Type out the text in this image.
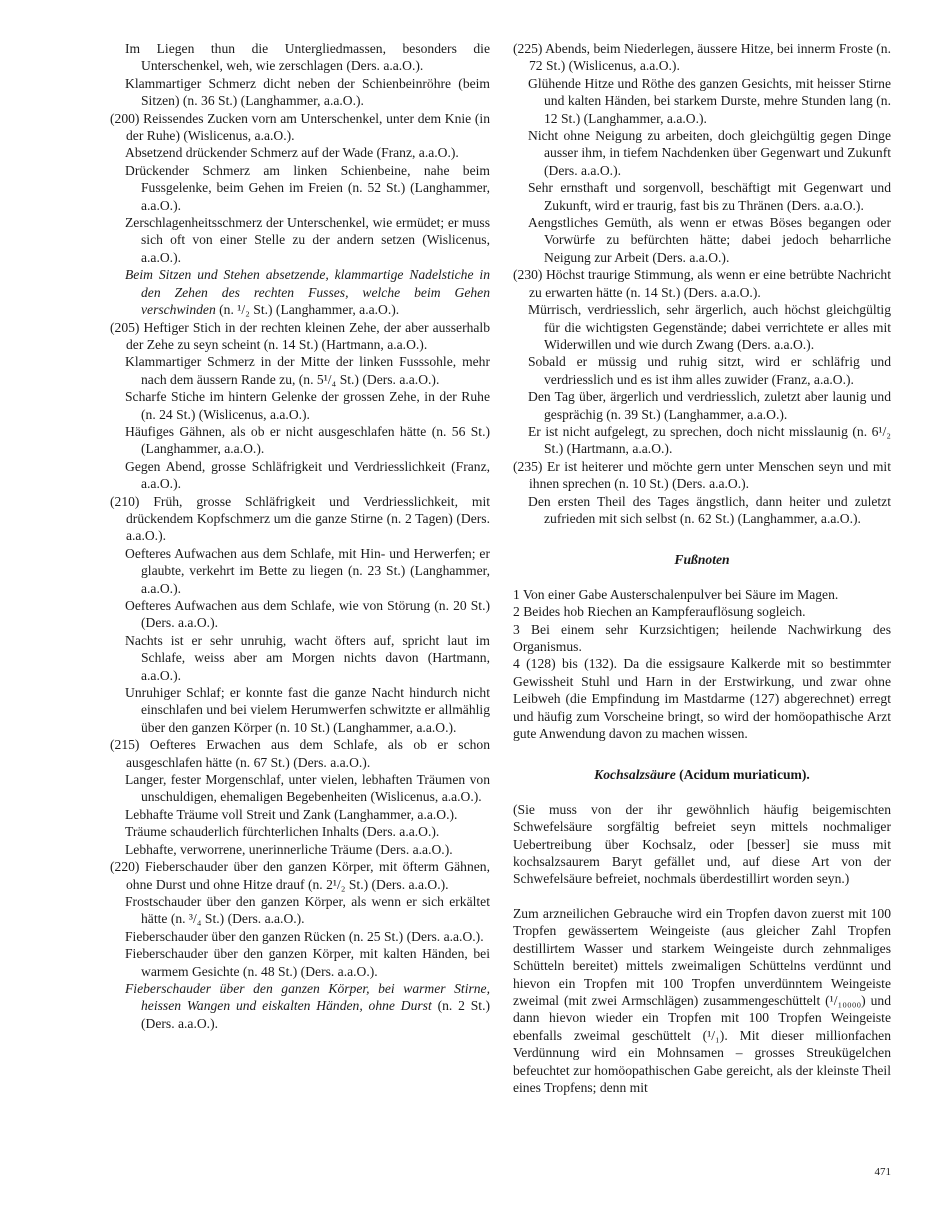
Im Liegen thun die Untergliedmassen, besonders die Unterschenkel, weh, wie zerschlagen (Ders. a.a.O.).

Klammartiger Schmerz dicht neben der Schienbeinröhre (beim Sitzen) (n. 36 St.) (Langhammer, a.a.O.).

(200) Reissendes Zucken vorn am Unterschenkel, unter dem Knie (in der Ruhe) (Wislicenus, a.a.O.).

Absetzend drückender Schmerz auf der Wade (Franz, a.a.O.).

Drückender Schmerz am linken Schienbeine, nahe beim Fussgelenke, beim Gehen im Freien (n. 52 St.) (Langhammer, a.a.O.).

Zerschlagenheitsschmerz der Unterschenkel, wie ermüdet; er muss sich oft von einer Stelle zu der andern setzen (Wislicenus, a.a.O.).

Beim Sitzen und Stehen absetzende, klammartige Nadelstiche in den Zehen des rechten Fusses, welche beim Gehen verschwinden (n. ¹/₂ St.) (Langhammer, a.a.O.).

(205) Heftiger Stich in der rechten kleinen Zehe, der aber ausserhalb der Zehe zu seyn scheint (n. 14 St.) (Hartmann, a.a.O.).

Klammartiger Schmerz in der Mitte der linken Fusssohle, mehr nach dem äussern Rande zu, (n. 5¹/₄ St.) (Ders. a.a.O.).

Scharfe Stiche im hintern Gelenke der grossen Zehe, in der Ruhe (n. 24 St.) (Wislicenus, a.a.O.).

Häufiges Gähnen, als ob er nicht ausgeschlafen hätte (n. 56 St.) (Langhammer, a.a.O.).

Gegen Abend, grosse Schläfrigkeit und Verdriesslichkeit (Franz, a.a.O.).

(210) Früh, grosse Schläfrigkeit und Verdriesslichkeit, mit drückendem Kopfschmerz um die ganze Stirne (n. 2 Tagen) (Ders. a.a.O.).

Oefteres Aufwachen aus dem Schlafe, mit Hin- und Herwerfen; er glaubte, verkehrt im Bette zu liegen (n. 23 St.) (Langhammer, a.a.O.).

Oefteres Aufwachen aus dem Schlafe, wie von Störung (n. 20 St.) (Ders. a.a.O.).

Nachts ist er sehr unruhig, wacht öfters auf, spricht laut im Schlafe, weiss aber am Morgen nichts davon (Hartmann, a.a.O.).

Unruhiger Schlaf; er konnte fast die ganze Nacht hindurch nicht einschlafen und bei vielem Herumwerfen schwitzte er allmählig über den ganzen Körper (n. 10 St.) (Langhammer, a.a.O.).

(215) Oefteres Erwachen aus dem Schlafe, als ob er schon ausgeschlafen hätte (n. 67 St.) (Ders. a.a.O.).

Langer, fester Morgenschlaf, unter vielen, lebhaften Träumen von unschuldigen, ehemaligen Begebenheiten (Wislicenus, a.a.O.).

Lebhafte Träume voll Streit und Zank (Langhammer, a.a.O.).

Träume schauderlich fürchterlichen Inhalts (Ders. a.a.O.).

Lebhafte, verworrene, unerinnerliche Träume (Ders. a.a.O.).

(220) Fieberschauder über den ganzen Körper, mit öfterm Gähnen, ohne Durst und ohne Hitze drauf (n. 2¹/₂ St.) (Ders. a.a.O.).

Frostschauder über den ganzen Körper, als wenn er sich erkältet hätte (n. ³/₄ St.) (Ders. a.a.O.).

Fieberschauder über den ganzen Rücken (n. 25 St.) (Ders. a.a.O.).

Fieberschauder über den ganzen Körper, mit kalten Händen, bei warmem Gesichte (n. 48 St.) (Ders. a.a.O.).

Fieberschauder über den ganzen Körper, bei warmer Stirne, heissen Wangen und eiskalten Händen, ohne Durst (n. 2 St.) (Ders. a.a.O.).

(225) Abends, beim Niederlegen, äussere Hitze, bei innerm Froste (n. 72 St.) (Wislicenus, a.a.O.).

Glühende Hitze und Röthe des ganzen Gesichts, mit heisser Stirne und kalten Händen, bei starkem Durste, mehre Stunden lang (n. 12 St.) (Langhammer, a.a.O.).

Nicht ohne Neigung zu arbeiten, doch gleichgültig gegen Dinge ausser ihm, in tiefem Nachdenken über Gegenwart und Zukunft (Ders. a.a.O.).

Sehr ernsthaft und sorgenvoll, beschäftigt mit Gegenwart und Zukunft, wird er traurig, fast bis zu Thränen (Ders. a.a.O.).

Aengstliches Gemüth, als wenn er etwas Böses begangen oder Vorwürfe zu befürchten hätte; dabei jedoch beharrliche Neigung zur Arbeit (Ders. a.a.O.).

(230) Höchst traurige Stimmung, als wenn er eine betrübte Nachricht zu erwarten hätte (n. 14 St.) (Ders. a.a.O.).

Mürrisch, verdriesslich, sehr ärgerlich, auch höchst gleichgültig für die wichtigsten Gegenstände; dabei verrichtete er alles mit Widerwillen und wie durch Zwang (Ders. a.a.O.).

Sobald er müssig und ruhig sitzt, wird er schläfrig und verdriesslich und es ist ihm alles zuwider (Franz, a.a.O.).

Den Tag über, ärgerlich und verdriesslich, zuletzt aber launig und gesprächig (n. 39 St.) (Langhammer, a.a.O.).

Er ist nicht aufgelegt, zu sprechen, doch nicht misslaunig (n. 6¹/₂ St.) (Hartmann, a.a.O.).

(235) Er ist heiterer und möchte gern unter Menschen seyn und mit ihnen sprechen (n. 10 St.) (Ders. a.a.O.).

Den ersten Theil des Tages ängstlich, dann heiter und zuletzt zufrieden mit sich selbst (n. 62 St.) (Langhammer, a.a.O.).

Fußnoten

1 Von einer Gabe Austerschalenpulver bei Säure im Magen.

2 Beides hob Riechen an Kampferauflösung sogleich.

3 Bei einem sehr Kurzsichtigen; heilende Nachwirkung des Organismus.

4 (128) bis (132). Da die essigsaure Kalkerde mit so bestimmter Gewissheit Stuhl und Harn in der Erstwirkung, und zwar ohne Leibweh (die Empfindung im Mastdarme (127) abgerechnet) erregt und häufig zum Vorscheine bringt, so wird der homöopathische Arzt gute Anwendung davon zu machen wissen.

Kochsalzsäure (Acidum muriaticum).

(Sie muss von der ihr gewöhnlich häufig beigemischten Schwefelsäure sorgfältig befreiet seyn mittels nochmaliger Uebertreibung über Kochsalz, oder [besser] sie muss mit kochsalzsaurem Baryt gefället und, auf diese Art von der Schwefelsäure befreiet, nochmals überdestillirt worden seyn.)

Zum arzneilichen Gebrauche wird ein Tropfen davon zuerst mit 100 Tropfen gewässertem Weingeiste (aus gleicher Zahl Tropfen destillirtem Wasser und starkem Weingeiste durch zehnmaliges Schütteln bereitet) mittels zweimaligen Schüttelns verdünnt und hievon ein Tropfen mit 100 Tropfen unverdünntem Weingeiste zweimal (mit zwei Armschlägen) zusammengeschüttelt (¹/₁₀₀₀₀) und dann hievon wieder ein Tropfen mit 100 Tropfen Weingeiste ebenfalls zweimal geschüttelt (¹/₁). Mit dieser millionfachen Verdünnung wird ein Mohnsamen – grosses Streukügelchen befeuchtet zur homöopathischen Gabe gereicht, als der kleinste Theil eines Tropfens; denn mit

471
